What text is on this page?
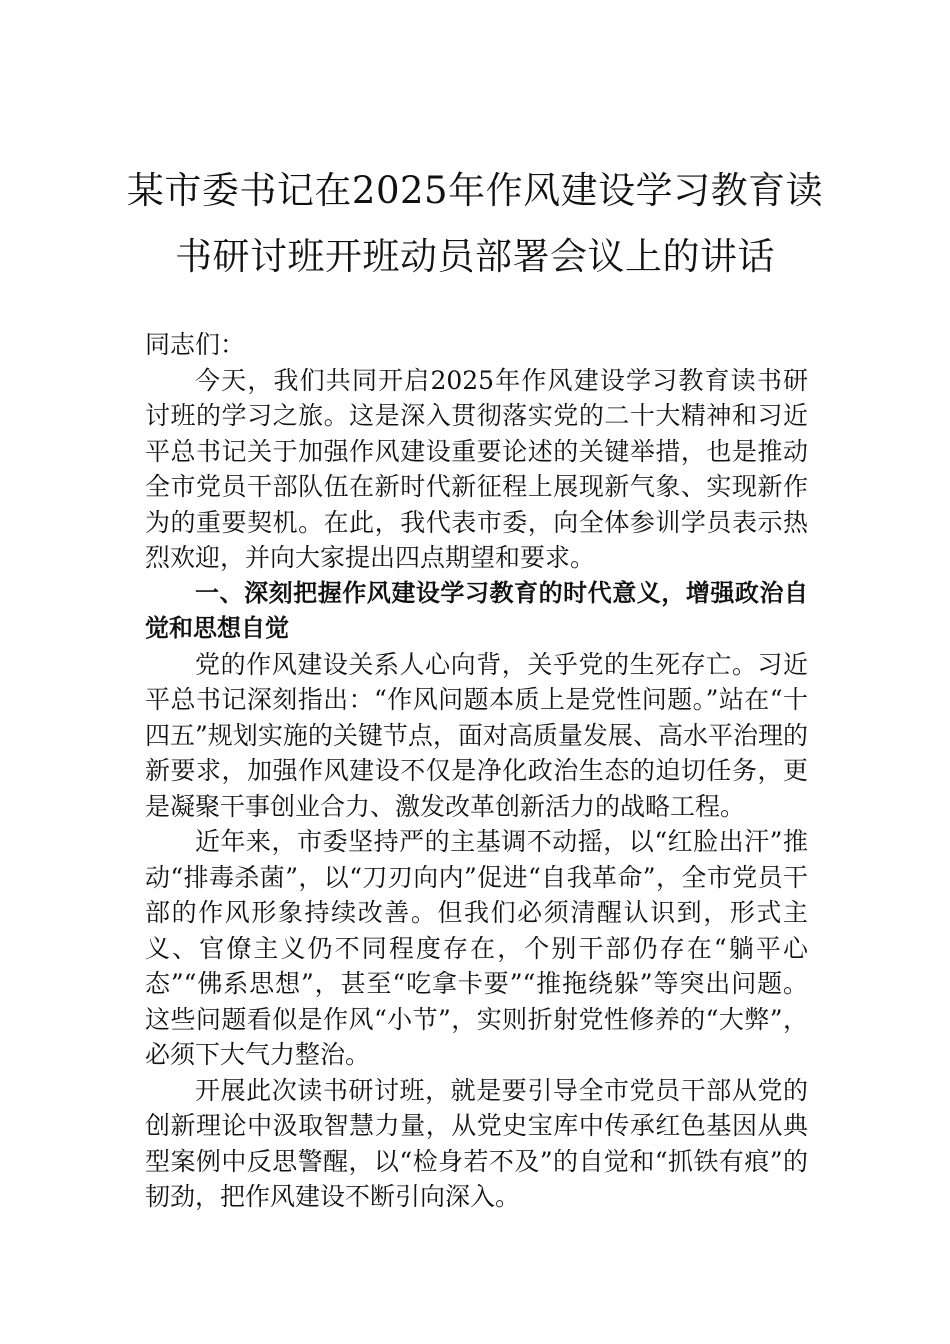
某市委书记在2025年作风建设学习教育读
书研讨班开班动员部署会议上的讲话

同志们：

今天，我们共同开启2025年作风建设学习教育读书研讨班的学习之旅。这是深入贯彻落实党的二十大精神和习近平总书记关于加强作风建设重要论述的关键举措，也是推动全市党员干部队伍在新时代新征程上展现新气象、实现新作为的重要契机。在此，我代表市委，向全体参训学员表示热烈欢迎，并向大家提出四点期望和要求。

一、深刻把握作风建设学习教育的时代意义，增强政治自觉和思想自觉

党的作风建设关系人心向背，关乎党的生死存亡。习近平总书记深刻指出：“作风问题本质上是党性问题。”站在“十四五”规划实施的关键节点，面对高质量发展、高水平治理的新要求，加强作风建设不仅是净化政治生态的迫切任务，更是凝聚干事创业合力、激发改革创新活力的战略工程。

近年来，市委坚持严的主基调不动摇，以“红脸出汗”推动“排毒杀菌”，以“刀刃向内”促进“自我革命”，全市党员干部的作风形象持续改善。但我们必须清醒认识到，形式主义、官僚主义仍不同程度存在，个别干部仍存在“躺平心态”“佛系思想”，甚至“吃拿卡要”“推拖绕躲”等突出问题。这些问题看似是作风“小节”，实则折射党性修养的“大弊”，必须下大气力整治。

开展此次读书研讨班，就是要引导全市党员干部从党的创新理论中汲取智慧力量，从党史宝库中传承红色基因从典型案例中反思警醒，以“检身若不及”的自觉和“抓铁有痕”的韧劲，把作风建设不断引向深入。
